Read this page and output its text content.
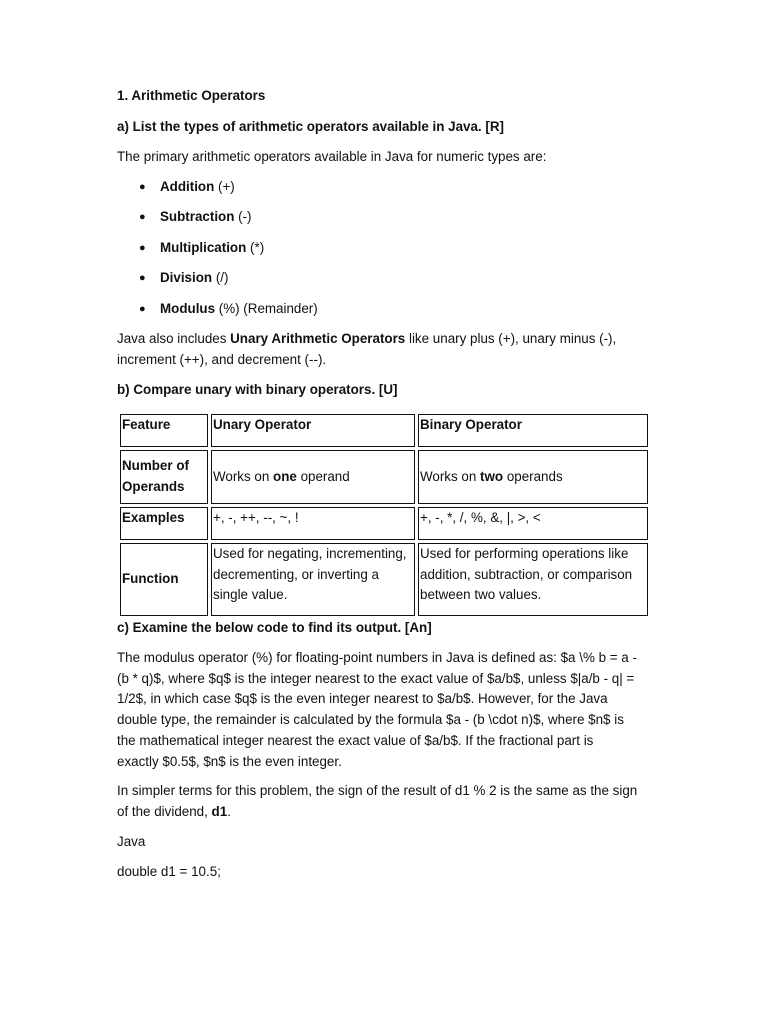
1. Arithmetic Operators

a) List the types of arithmetic operators available in Java. [R]

The primary arithmetic operators available in Java for numeric types are:

● Addition (+)
● Subtraction (-)
● Multiplication (*)
● Division (/)
● Modulus (%) (Remainder)

Java also includes Unary Arithmetic Operators like unary plus (+), unary minus (-),
increment (++), and decrement (--).

b) Compare unary with binary operators. [U]

Feature	Unary Operator	Binary Operator
Number of
Operands	Works on one operand	Works on two operands
Examples	+, -, ++, --, ~, !	+, -, *, /, %, &, |, >, <
Function	Used for negating, incrementing,
decrementing, or inverting a
single value.	Used for performing operations like
addition, subtraction, or comparison
between two values.

c) Examine the below code to find its output. [An]

The modulus operator (%) for floating-point numbers in Java is defined as: $a \% b = a -
(b * q)$, where $q$ is the integer nearest to the exact value of $a/b$, unless $|a/b - q| =
1/2$, in which case $q$ is the even integer nearest to $a/b$. However, for the Java
double type, the remainder is calculated by the formula $a - (b \cdot n)$, where $n$ is
the mathematical integer nearest the exact value of $a/b$. If the fractional part is
exactly $0.5$, $n$ is the even integer.

In simpler terms for this problem, the sign of the result of d1 % 2 is the same as the sign
of the dividend, d1.

Java

double d1 = 10.5;
